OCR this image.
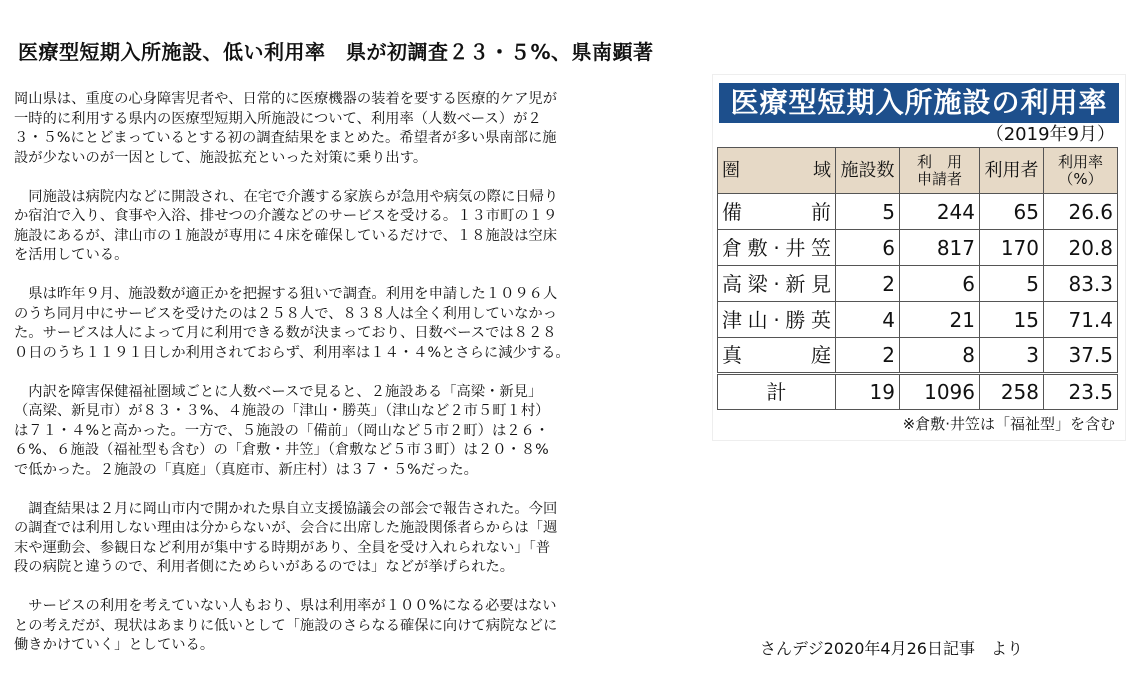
医療型短期入所施設、低い利用率　県が初調査２３・５%、県南顕著

岡山県は、重度の心身障害児者や、日常的に医療機器の装着を要する医療的ケア児が
一時的に利用する県内の医療型短期入所施設について、利用率（人数ベース）が２
３・５%にとどまっているとする初の調査結果をまとめた。希望者が多い県南部に施
設が少ないのが一因として、施設拡充といった対策に乗り出す。

　同施設は病院内などに開設され、在宅で介護する家族らが急用や病気の際に日帰り
か宿泊で入り、食事や入浴、排せつの介護などのサービスを受ける。１３市町の１９
施設にあるが、津山市の１施設が専用に４床を確保しているだけで、１８施設は空床
を活用している。

　県は昨年９月、施設数が適正かを把握する狙いで調査。利用を申請した１０９６人
のうち同月中にサービスを受けたのは２５８人で、８３８人は全く利用していなかっ
た。サービスは人によって月に利用できる数が決まっており、日数ベースでは８２８
０日のうち１１９１日しか利用されておらず、利用率は１４・４%とさらに減少する。

　内訳を障害保健福祉圏域ごとに人数ベースで見ると、２施設ある「高梁・新見」
（高梁、新見市）が８３・３%、４施設の「津山・勝英」（津山など２市５町１村）
は７１・４%と高かった。一方で、５施設の「備前」（岡山など５市２町）は２６・
６%、６施設（福祉型も含む）の「倉敷・井笠」（倉敷など５市３町）は２０・８%
で低かった。２施設の「真庭」（真庭市、新庄村）は３７・５%だった。

　調査結果は２月に岡山市内で開かれた県自立支援協議会の部会で報告された。今回
の調査では利用しない理由は分からないが、会合に出席した施設関係者らからは「週
末や運動会、参観日など利用が集中する時期があり、全員を受け入れられない」「普
段の病院と違うので、利用者側にためらいがあるのでは」などが挙げられた。

　サービスの利用を考えていない人もおり、県は利用率が１００%になる必要はない
との考えだが、現状はあまりに低いとして「施設のさらなる確保に向けて病院などに
働きかけていく」としている。

医療型短期入所施設の利用率
（2019年9月）
圏　　域	施設数	利　用
申請者	利用者	利用率
（%）
備　前	5	244	65	26.6
倉敷·井笠	6	817	170	20.8
高梁·新見	2	6	5	83.3
津山·勝英	4	21	15	71.4
真　庭	2	8	3	37.5
計	19	1096	258	23.5
※倉敷·井笠は「福祉型」を含む
さんデジ2020年4月26日記事　より
